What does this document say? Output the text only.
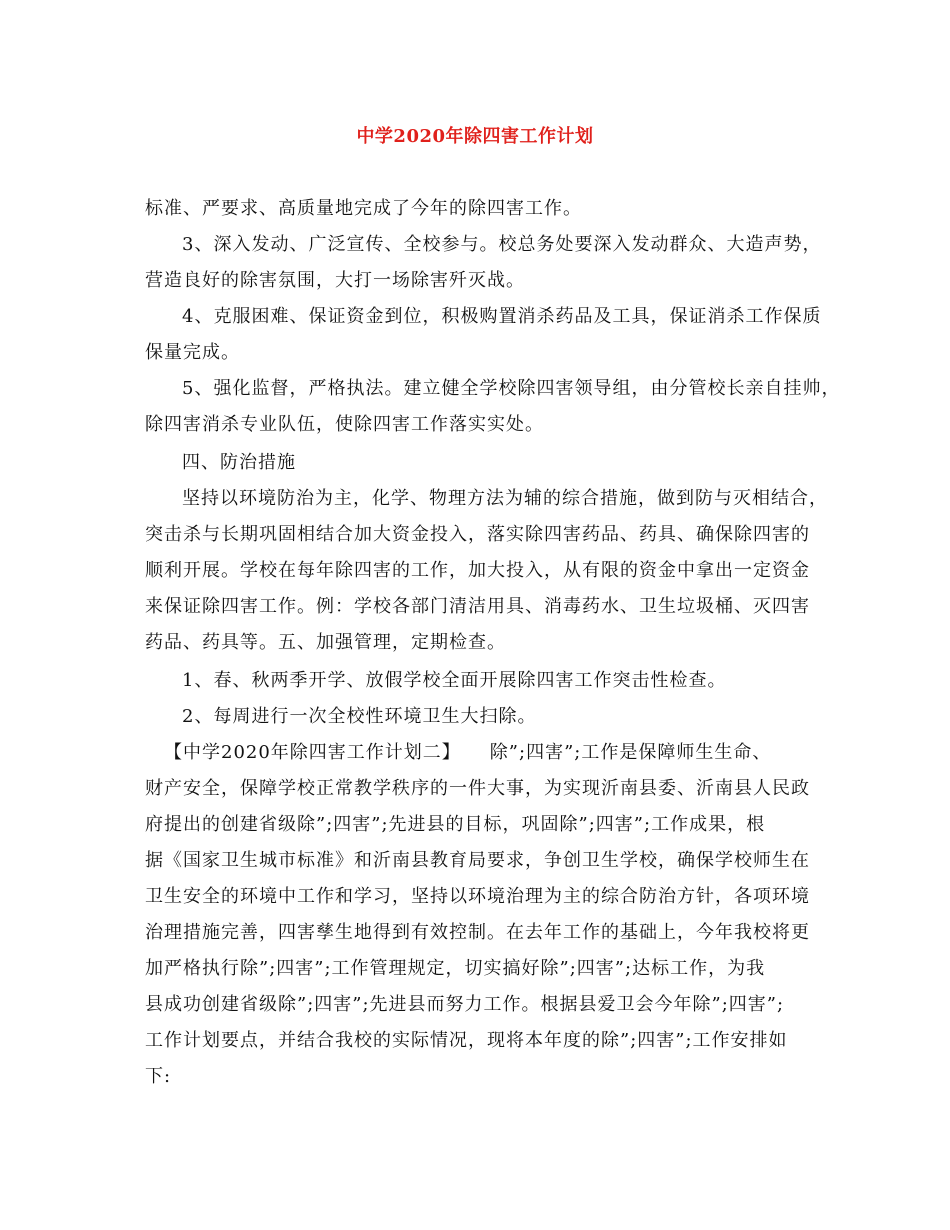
中学2020年除四害工作计划
标准、严要求、高质量地完成了今年的除四害工作。
3、深入发动、广泛宣传、全校参与。校总务处要深入发动群众、大造声势，
营造良好的除害氛围，大打一场除害歼灭战。
4、克服困难、保证资金到位，积极购置消杀药品及工具，保证消杀工作保质
保量完成。
5、强化监督，严格执法。建立健全学校除四害领导组，由分管校长亲自挂帅，
除四害消杀专业队伍，使除四害工作落实实处。
四、防治措施
坚持以环境防治为主，化学、物理方法为辅的综合措施，做到防与灭相结合，
突击杀与长期巩固相结合加大资金投入，落实除四害药品、药具、确保除四害的
顺利开展。学校在每年除四害的工作，加大投入，从有限的资金中拿出一定资金
来保证除四害工作。例：学校各部门清洁用具、消毒药水、卫生垃圾桶、灭四害
药品、药具等。五、加强管理，定期检查。
1、春、秋两季开学、放假学校全面开展除四害工作突击性检查。
2、每周进行一次全校性环境卫生大扫除。
【中学2020年除四害工作计划二】　　除”;四害”;工作是保障师生生命、
财产安全，保障学校正常教学秩序的一件大事，为实现沂南县委、沂南县人民政
府提出的创建省级除”;四害”;先进县的目标，巩固除”;四害”;工作成果，根
据《国家卫生城市标准》和沂南县教育局要求，争创卫生学校，确保学校师生在
卫生安全的环境中工作和学习，坚持以环境治理为主的综合防治方针，各项环境
治理措施完善，四害孳生地得到有效控制。在去年工作的基础上，今年我校将更
加严格执行除”;四害”;工作管理规定，切实搞好除”;四害”;达标工作，为我
县成功创建省级除”;四害”;先进县而努力工作。根据县爱卫会今年除”;四害”;
工作计划要点，并结合我校的实际情况，现将本年度的除”;四害”;工作安排如
下:
